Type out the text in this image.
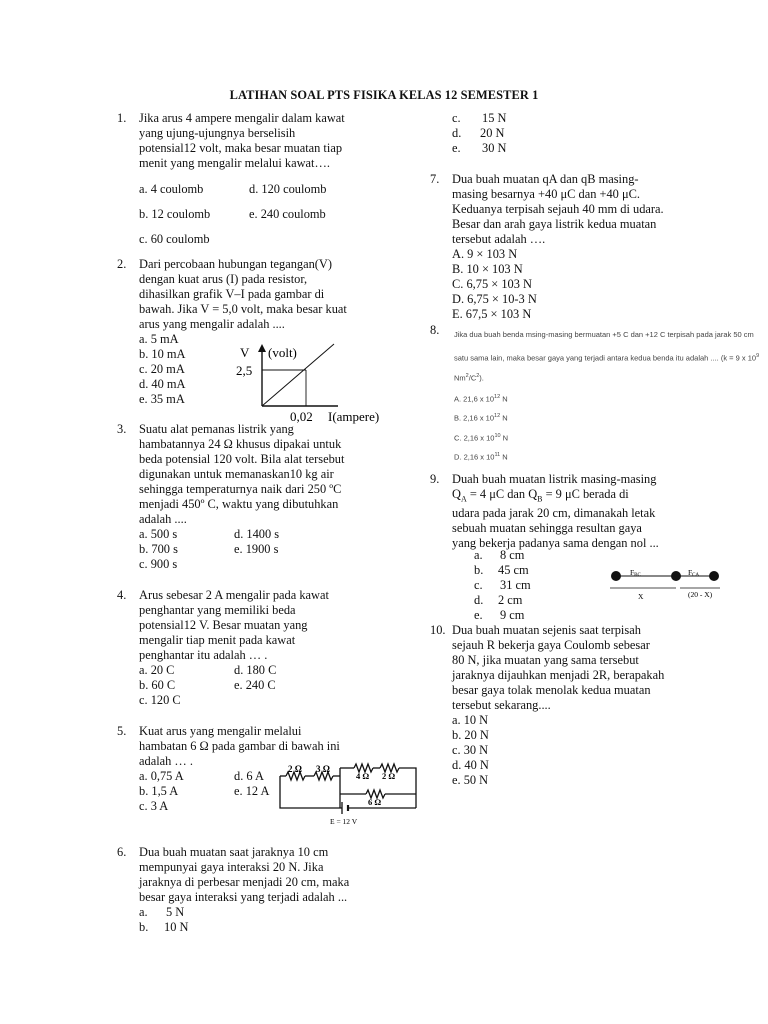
LATIHAN SOAL PTS FISIKA KELAS 12 SEMESTER 1
1.	Jika arus 4 ampere mengalir dalam kawat
yang ujung-ujungnya berselisih
potensial12 volt, maka besar muatan tiap
menit yang mengalir melalui kawat….
a. 4 coulomb	d. 120 coulomb
b. 12 coulomb	e. 240 coulomb
c. 60 coulomb
2.	Dari percobaan hubungan tegangan(V)
dengan kuat arus (I) pada resistor,
dihasilkan grafik V–I pada gambar di
bawah. Jika V = 5,0 volt, maka besar kuat
arus yang mengalir adalah ....
a. 5 mA
b. 10 mA
c. 20 mA
d. 40 mA
e. 35 mA
V (volt)
2,5
0,02 I(ampere)
3.	Suatu alat pemanas listrik yang
hambatannya 24 Ω khusus dipakai untuk
beda potensial 120 volt. Bila alat tersebut
digunakan untuk memanaskan10 kg air
sehingga temperaturnya naik dari 250 ºC
menjadi 450º C, waktu yang dibutuhkan
adalah ....
a. 500 s	d. 1400 s
b. 700 s	e. 1900 s
c. 900 s
4.	Arus sebesar 2 A mengalir pada kawat
penghantar yang memiliki beda
potensial12 V. Besar muatan yang
mengalir tiap menit pada kawat
penghantar itu adalah … .
a. 20 C	d. 180 C
b. 60 C	e. 240 C
c. 120 C
5.	Kuat arus yang mengalir melalui
hambatan 6 Ω pada gambar di bawah ini
adalah … .
a. 0,75 A	d. 6 A
b. 1,5 A	e. 12 A
c. 3 A
2 Ω 3 Ω
4 Ω 2 Ω
6 Ω
E = 12 V
6.	Dua buah muatan saat jaraknya 10 cm
mempunyai gaya interaksi 20 N. Jika
jaraknya di perbesar menjadi 20 cm, maka
besar gaya interaksi yang terjadi adalah ...
a. 5 N
b. 10 N
c. 15 N
d. 20 N
e. 30 N
7.	Dua buah muatan qA dan qB masing-
masing besarnya +40 μC dan +40 μC.
Keduanya terpisah sejauh 40 mm di udara.
Besar dan arah gaya listrik kedua muatan
tersebut adalah ….
A. 9 × 103 N
B. 10 × 103 N
C. 6,75 × 103 N
D. 6,75 × 10-3 N
E. 67,5 × 103 N
8.	Jika dua buah benda msing-masing bermuatan +5 C dan +12 C terpisah pada jarak 50 cm
satu sama lain, maka besar gaya yang terjadi antara kedua benda itu adalah .... (k = 9 x $10^9$
$Nm^2/C^2$).
A. 21,6 x $10^{12}$ N
B. 2,16 x $10^{12}$ N
C. 2,16 x $10^{10}$ N
D. 2,16 x $10^{11}$ N
9.	Duah buah muatan listrik masing-masing
$Q_A = 4$ μC dan $Q_B = 9$ μC berada di
udara pada jarak 20 cm, dimanakah letak
sebuah muatan sehingga resultan gaya
yang bekerja padanya sama dengan nol ...
a. 8 cm
b. 45 cm
c. 31 cm
d. 2 cm
e. 9 cm
FBC	FCA
X	(20 - X)
10. Dua buah muatan sejenis saat terpisah
sejauh R bekerja gaya Coulomb sebesar
80 N, jika muatan yang sama tersebut
jaraknya dijauhkan menjadi 2R, berapakah
besar gaya tolak menolak kedua muatan
tersebut sekarang....
a. 10 N
b. 20 N
c. 30 N
d. 40 N
e. 50 N
